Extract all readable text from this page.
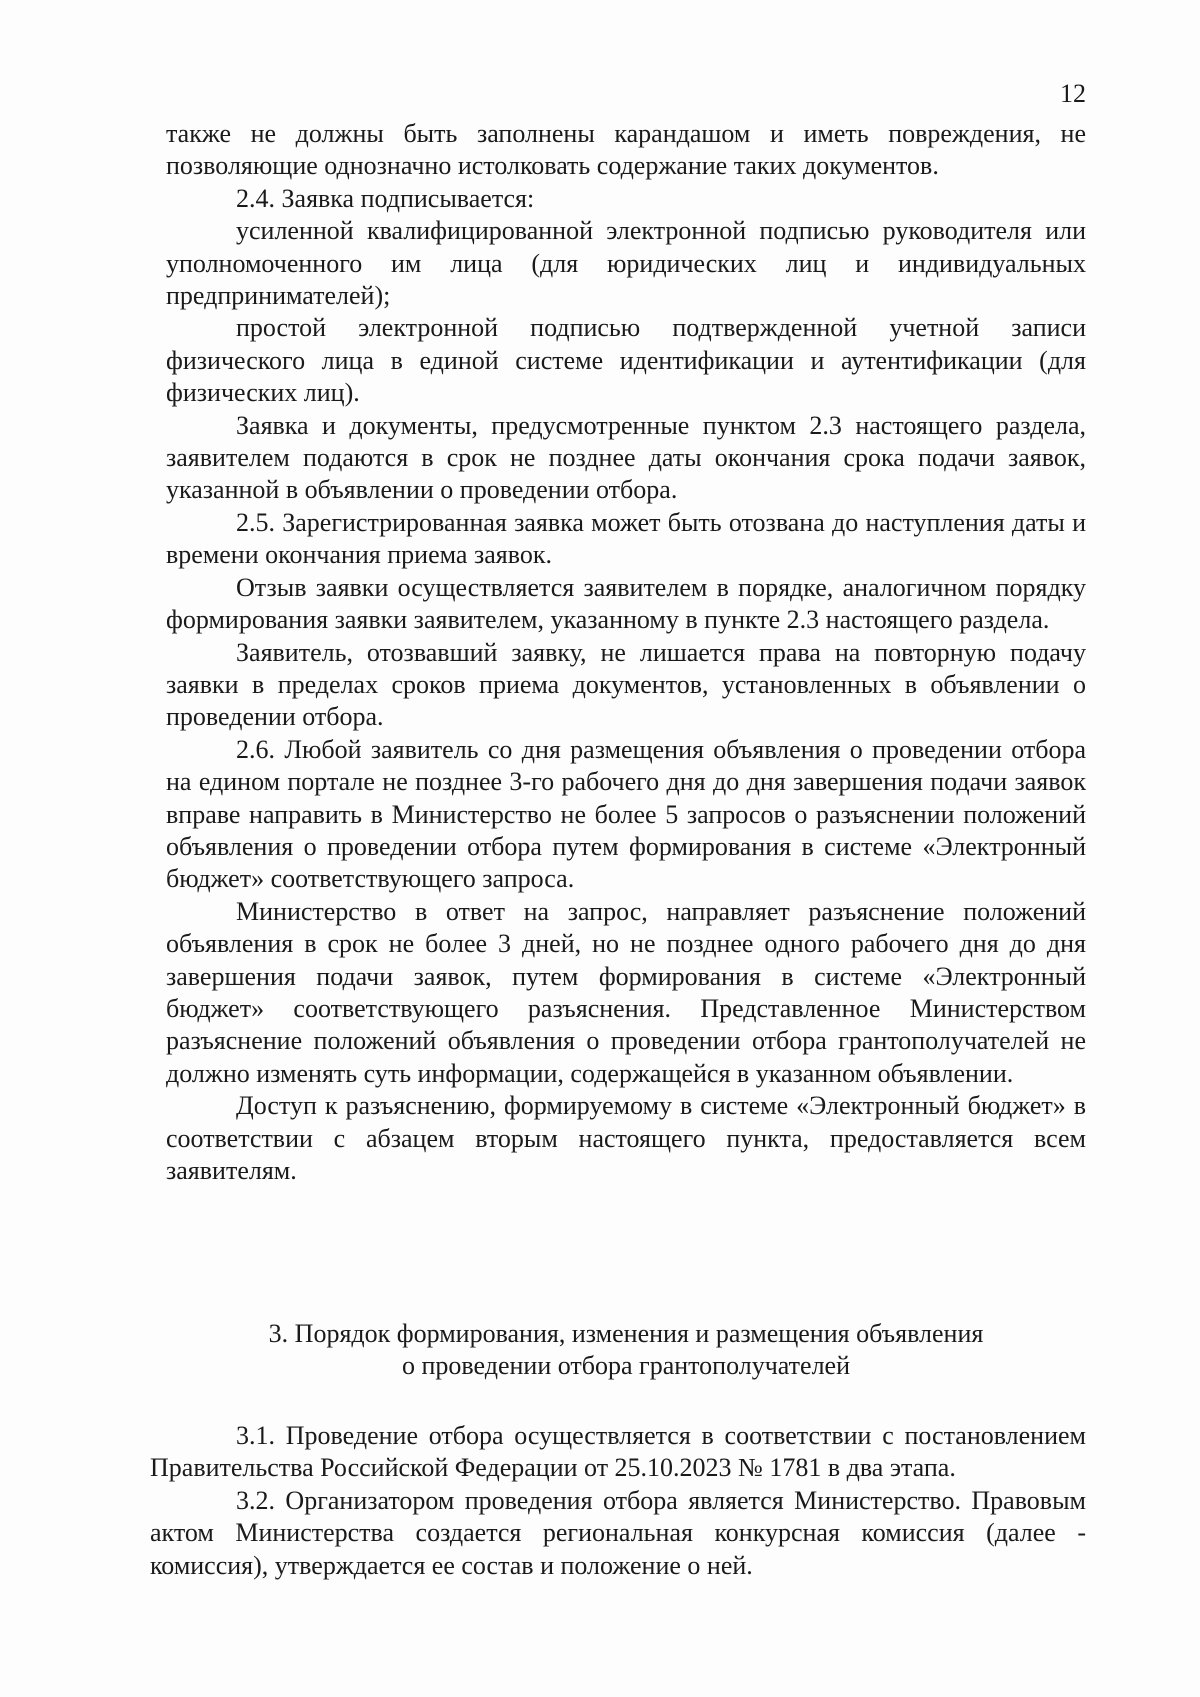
12

также не должны быть заполнены карандашом и иметь повреждения, не позволяющие однозначно истолковать содержание таких документов.

2.4. Заявка подписывается:

усиленной квалифицированной электронной подписью руководителя или уполномоченного им лица (для юридических лиц и индивидуальных предпринимателей);

простой электронной подписью подтвержденной учетной записи физического лица в единой системе идентификации и аутентификации (для физических лиц).

Заявка и документы, предусмотренные пунктом 2.3 настоящего раздела, заявителем подаются в срок не позднее даты окончания срока подачи заявок, указанной в объявлении о проведении отбора.

2.5. Зарегистрированная заявка может быть отозвана до наступления даты и времени окончания приема заявок.

Отзыв заявки осуществляется заявителем в порядке, аналогичном порядку формирования заявки заявителем, указанному в пункте 2.3 настоящего раздела.

Заявитель, отозвавший заявку, не лишается права на повторную подачу заявки в пределах сроков приема документов, установленных в объявлении о проведении отбора.

2.6. Любой заявитель со дня размещения объявления о проведении отбора на едином портале не позднее 3-го рабочего дня до дня завершения подачи заявок вправе направить в Министерство не более 5 запросов о разъяснении положений объявления о проведении отбора путем формирования в системе «Электронный бюджет» соответствующего запроса.

Министерство в ответ на запрос, направляет разъяснение положений объявления в срок не более 3 дней, но не позднее одного рабочего дня до дня завершения подачи заявок, путем формирования в системе «Электронный бюджет» соответствующего разъяснения. Представленное Министерством разъяснение положений объявления о проведении отбора грантополучателей не должно изменять суть информации, содержащейся в указанном объявлении.

Доступ к разъяснению, формируемому в системе «Электронный бюджет» в соответствии с абзацем вторым настоящего пункта, предоставляется всем заявителям.

3. Порядок формирования, изменения и размещения объявления
о проведении отбора грантополучателей

3.1. Проведение отбора осуществляется в соответствии с постановлением Правительства Российской Федерации от 25.10.2023 № 1781 в два этапа.

3.2. Организатором проведения отбора является Министерство. Правовым актом Министерства создается региональная конкурсная комиссия (далее - комиссия), утверждается ее состав и положение о ней.
